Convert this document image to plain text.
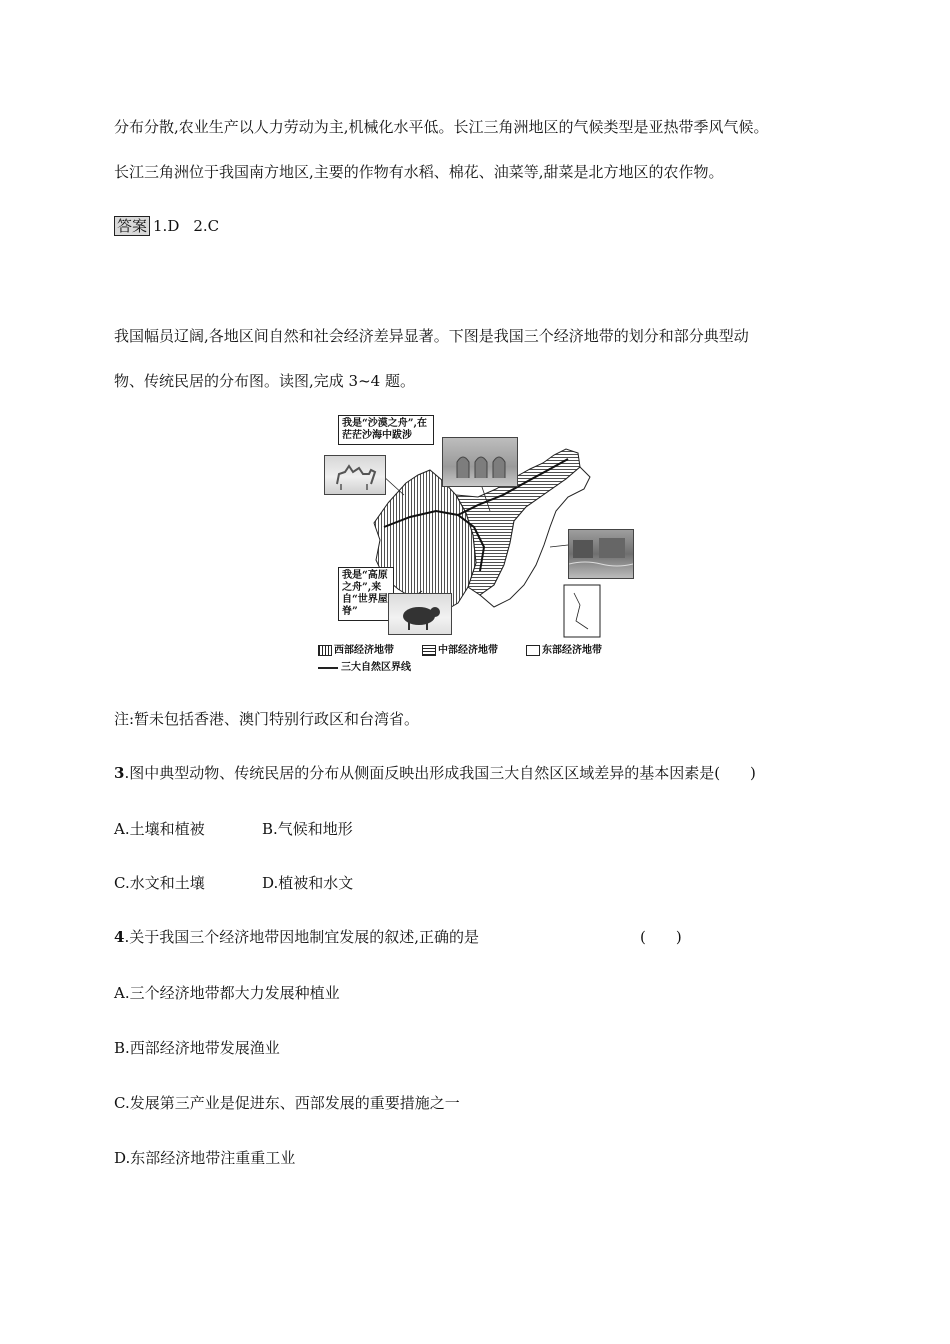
分布分散,农业生产以人力劳动为主,机械化水平低。长江三角洲地区的气候类型是亚热带季风气候。
长江三角洲位于我国南方地区,主要的作物有水稻、棉花、油菜等,甜菜是北方地区的农作物。
答案 1.D 2.C
我国幅员辽阔,各地区间自然和社会经济差异显著。下图是我国三个经济地带的划分和部分典型动
物、传统民居的分布图。读图,完成 3~4 题。
我是“沙漠之舟”,在茫茫沙海中跋涉
我是“高原之舟”,来自“世界屋脊”
西部经济地带	中部经济地带	东部经济地带
三大自然区界线
注:暂未包括香港、澳门特别行政区和台湾省。
3.图中典型动物、传统民居的分布从侧面反映出形成我国三大自然区区域差异的基本因素是(　　)
A.土壤和植被	B.气候和地形
C.水文和土壤	D.植被和水文
4.关于我国三个经济地带因地制宜发展的叙述,正确的是	(　　)
A.三个经济地带都大力发展种植业
B.西部经济地带发展渔业
C.发展第三产业是促进东、西部发展的重要措施之一
D.东部经济地带注重重工业
